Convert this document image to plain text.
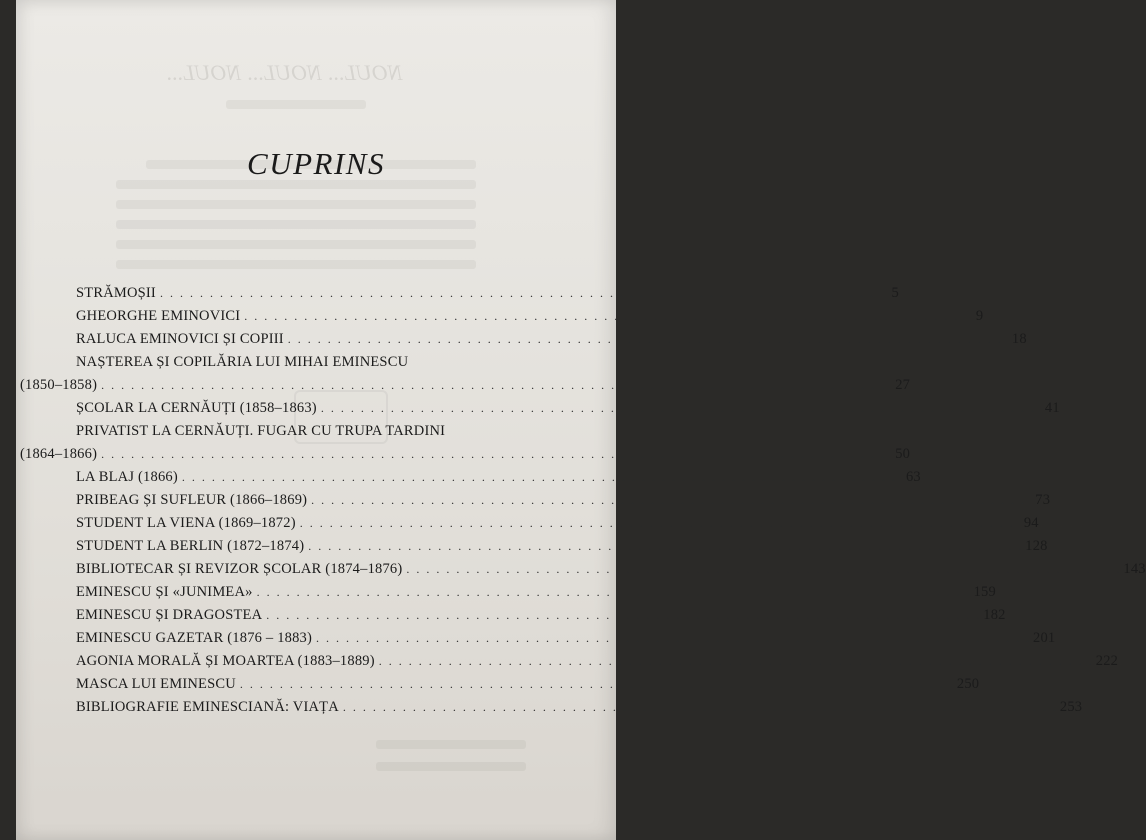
NOUL... NOUL... NOUL...
CUPRINS
STRĂMOȘII . . . . . . . . . . . . . . . . . . . . . . . . . . . . . . . . . . . . . . . . . . . . . . . . . . . . . . . . . . . . . . . . . . . . . . . .	5
GHEORGHE EMINOVICI . . . . . . . . . . . . . . . . . . . . . . . . . . . . . . . . . . . . . . . . . . . . . . . . . . . . . . . . . . . . . . . . . . . . . . . .	9
RALUCA EMINOVICI ȘI COPIII . . . . . . . . . . . . . . . . . . . . . . . . . . . . . . . . . . . . . . . . . . . . . . . . . . . . . . . . . . . . . . . . . . . . . . . . 18
NAȘTEREA ȘI COPILĂRIA LUI MIHAI EMINESCU
(1850–1858) . . . . . . . . . . . . . . . . . . . . . . . . . . . . . . . . . . . . . . . . . . . . . . . . . . . . . . . . . . . . . . . . . . . . . . . . . . . . . . . 27
ȘCOLAR LA CERNĂUȚI (1858–1863) . . . . . . . . . . . . . . . . . . . . . . . . . . . . . . . . . . . . . . . . . . . . . . . . . . . . . . . . . . . . . . . . . . . . . . . . 41
PRIVATIST LA CERNĂUȚI. FUGAR CU TRUPA TARDINI
(1864–1866) . . . . . . . . . . . . . . . . . . . . . . . . . . . . . . . . . . . . . . . . . . . . . . . . . . . . . . . . . . . . . . . . . . . . . . . . . . . . . . . 50
LA BLAJ (1866) . . . . . . . . . . . . . . . . . . . . . . . . . . . . . . . . . . . . . . . . . . . . . . . . . . . . . . . . . . . . . . . . . . . . . . . . 63
PRIBEAG ȘI SUFLEUR (1866–1869) . . . . . . . . . . . . . . . . . . . . . . . . . . . . . . . . . . . . . . . . . . . . . . . . . . . . . . . . . . . . . . . . . . . . . . . . 73
STUDENT LA VIENA (1869–1872) . . . . . . . . . . . . . . . . . . . . . . . . . . . . . . . . . . . . . . . . . . . . . . . . . . . . . . . . . . . . . . . . . . . . . . . . 94
STUDENT LA BERLIN (1872–1874) . . . . . . . . . . . . . . . . . . . . . . . . . . . . . . . . . . . . . . . . . . . . . . . . . . . . . . . . . . . . . . . . . . . . . . . . 128
BIBLIOTECAR ȘI REVIZOR ȘCOLAR (1874–1876) . . . . . . . . . . . . . . . . . . . . . . . . . . . . . . . . . . . . . . . . . . . . . . . . . . . . . . . . . . . . . . . . . . . . . . . . 143
EMINESCU ȘI «JUNIMEA» . . . . . . . . . . . . . . . . . . . . . . . . . . . . . . . . . . . . . . . . . . . . . . . . . . . . . . . . . . . . . . . . . . . . . . . . 159
EMINESCU ȘI DRAGOSTEA . . . . . . . . . . . . . . . . . . . . . . . . . . . . . . . . . . . . . . . . . . . . . . . . . . . . . . . . . . . . . . . . . . . . . . . . 182
EMINESCU GAZETAR (1876 – 1883) . . . . . . . . . . . . . . . . . . . . . . . . . . . . . . . . . . . . . . . . . . . . . . . . . . . . . . . . . . . . . . . . . . . . . . . . 201
AGONIA MORALĂ ȘI MOARTEA (1883–1889) . . . . . . . . . . . . . . . . . . . . . . . . . . . . . . . . . . . . . . . . . . . . . . . . . . . . . . . . . . . . . . . . . . . . . . . . 222
MASCA LUI EMINESCU . . . . . . . . . . . . . . . . . . . . . . . . . . . . . . . . . . . . . . . . . . . . . . . . . . . . . . . . . . . . . . . . . . . . . . . . 250
BIBLIOGRAFIE EMINESCIANĂ: VIAȚA . . . . . . . . . . . . . . . . . . . . . . . . . . . . . . . . . . . . . . . . . . . . . . . . . . . . . . . . . . . . . . . . . . . . . . . . 253
